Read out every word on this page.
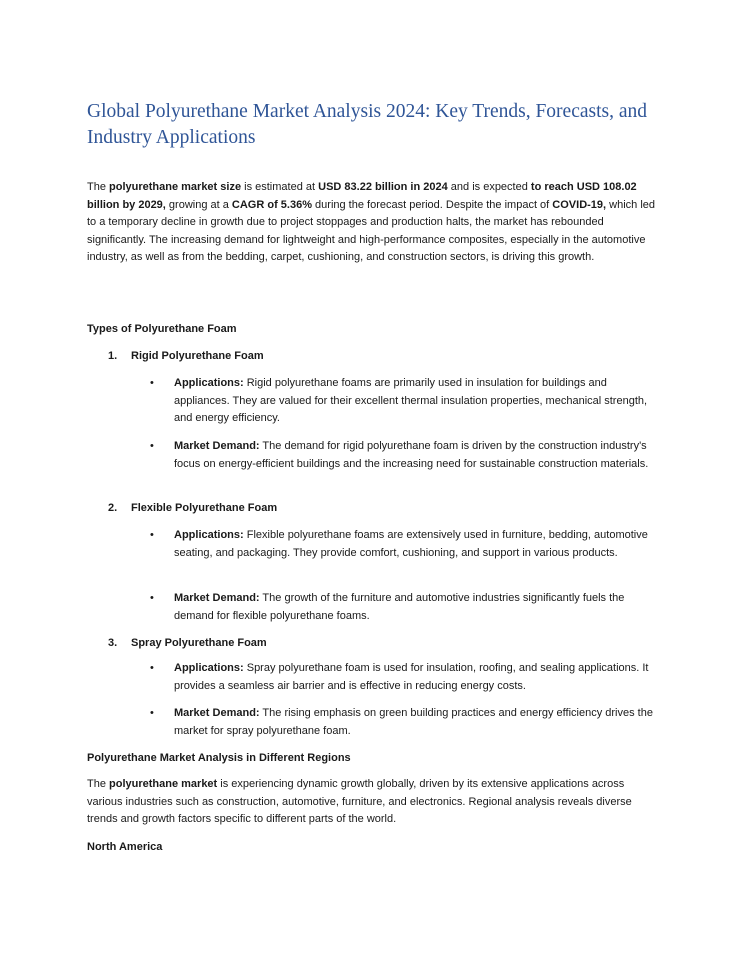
Global Polyurethane Market Analysis 2024: Key Trends, Forecasts, and Industry Applications

The polyurethane market size is estimated at USD 83.22 billion in 2024 and is expected to reach USD 108.02 billion by 2029, growing at a CAGR of 5.36% during the forecast period. Despite the impact of COVID-19, which led to a temporary decline in growth due to project stoppages and production halts, the market has rebounded significantly. The increasing demand for lightweight and high-performance composites, especially in the automotive industry, as well as from the bedding, carpet, cushioning, and construction sectors, is driving this growth.

Types of Polyurethane Foam
1. Rigid Polyurethane Foam
•	Applications: Rigid polyurethane foams are primarily used in insulation for buildings and appliances. They are valued for their excellent thermal insulation properties, mechanical strength, and energy efficiency.
•	Market Demand: The demand for rigid polyurethane foam is driven by the construction industry's focus on energy-efficient buildings and the increasing need for sustainable construction materials.
2. Flexible Polyurethane Foam
•	Applications: Flexible polyurethane foams are extensively used in furniture, bedding, automotive seating, and packaging. They provide comfort, cushioning, and support in various products.
•	Market Demand: The growth of the furniture and automotive industries significantly fuels the demand for flexible polyurethane foams.
3. Spray Polyurethane Foam
•	Applications: Spray polyurethane foam is used for insulation, roofing, and sealing applications. It provides a seamless air barrier and is effective in reducing energy costs.
•	Market Demand: The rising emphasis on green building practices and energy efficiency drives the market for spray polyurethane foam.
Polyurethane Market Analysis in Different Regions

The polyurethane market is experiencing dynamic growth globally, driven by its extensive applications across various industries such as construction, automotive, furniture, and electronics. Regional analysis reveals diverse trends and growth factors specific to different parts of the world.

North America
